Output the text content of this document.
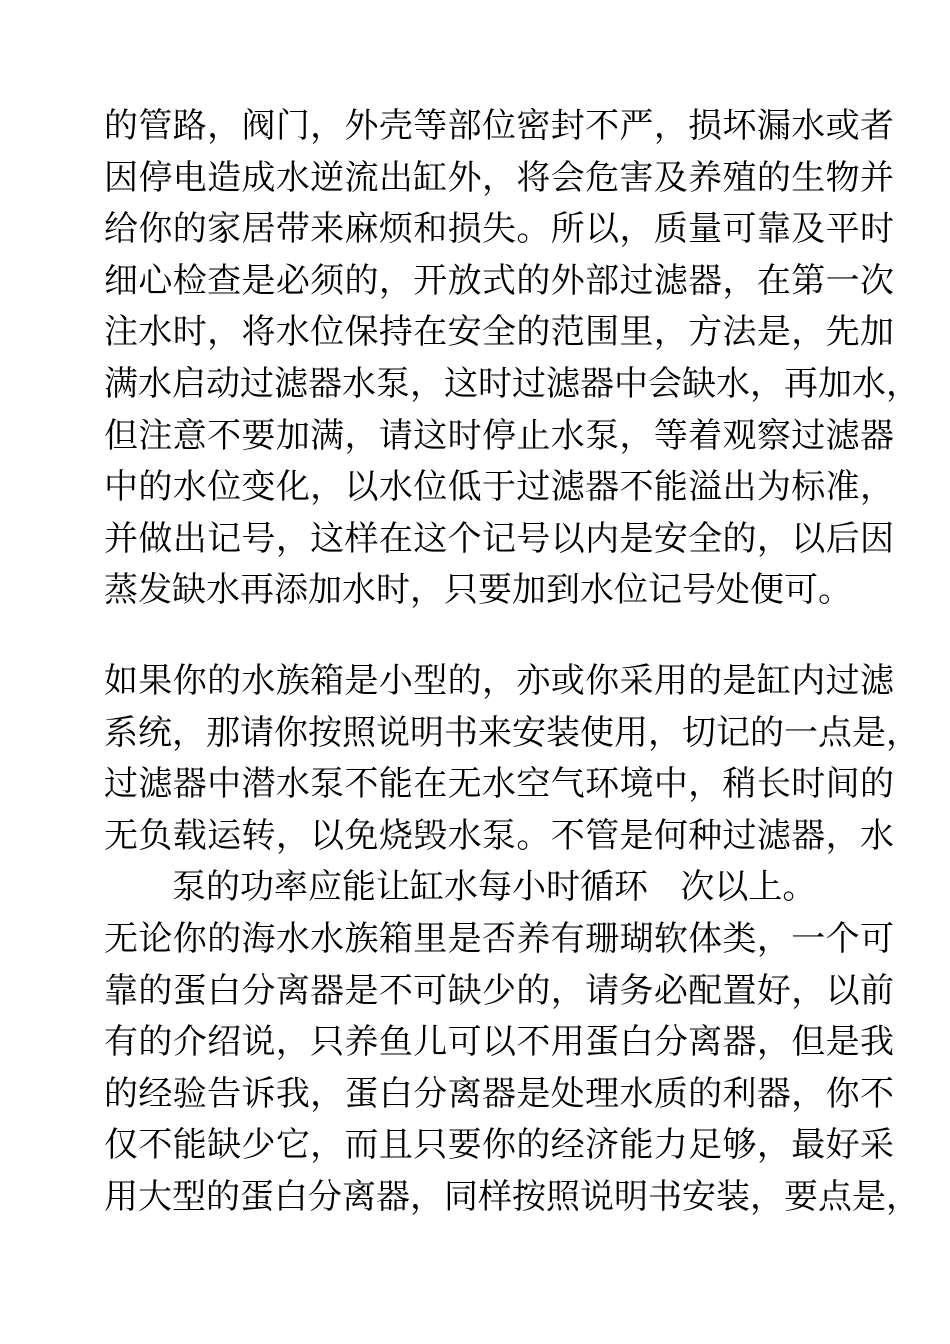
的管路，阀门，外壳等部位密封不严，损坏漏水或者
因停电造成水逆流出缸外，将会危害及养殖的生物并
给你的家居带来麻烦和损失。所以，质量可靠及平时
细心检查是必须的，开放式的外部过滤器，在第一次
注水时，将水位保持在安全的范围里，方法是，先加
满水启动过滤器水泵，这时过滤器中会缺水，再加水，
但注意不要加满，请这时停止水泵，等着观察过滤器
中的水位变化，以水位低于过滤器不能溢出为标准，
并做出记号，这样在这个记号以内是安全的，以后因
蒸发缺水再添加水时，只要加到水位记号处便可。
如果你的水族箱是小型的，亦或你采用的是缸内过滤
系统，那请你按照说明书来安装使用，切记的一点是，
过滤器中潜水泵不能在无水空气环境中，稍长时间的
无负载运转，以免烧毁水泵。不管是何种过滤器，水
泵的功率应能让缸水每小时循环   次以上。
无论你的海水水族箱里是否养有珊瑚软体类，一个可
靠的蛋白分离器是不可缺少的，请务必配置好，以前
有的介绍说，只养鱼儿可以不用蛋白分离器，但是我
的经验告诉我，蛋白分离器是处理水质的利器，你不
仅不能缺少它，而且只要你的经济能力足够，最好采
用大型的蛋白分离器，同样按照说明书安装，要点是，
